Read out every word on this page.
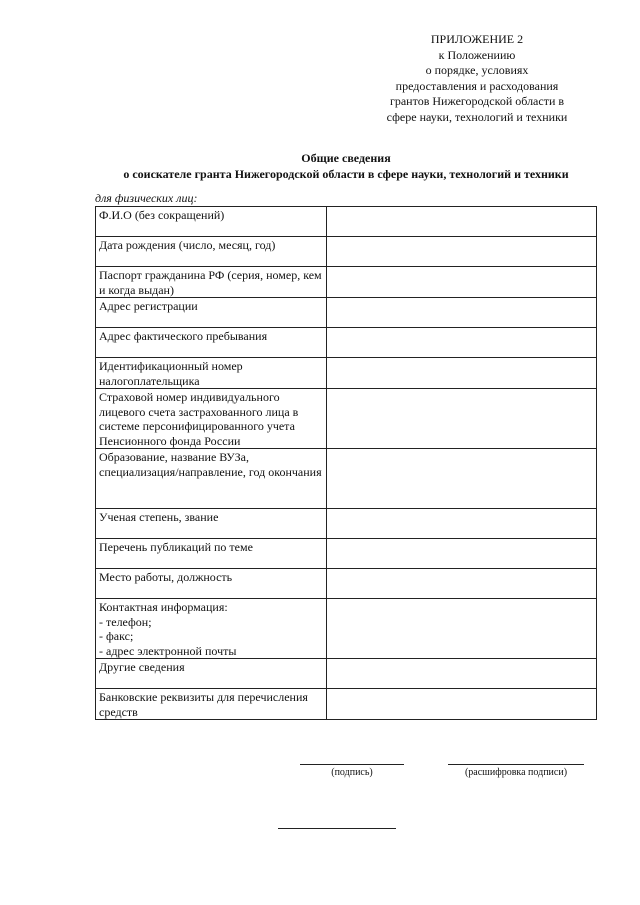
ПРИЛОЖЕНИЕ 2
к Положениию
о порядке, условиях
предоставления и расходования
грантов Нижегородской области в
сфере науки, технологий и техники
Общие сведения
о соискателе гранта Нижегородской области в сфере науки, технологий и техники
для физических лиц:
Ф.И.О (без сокращений)	
Дата рождения (число, месяц, год)	
Паспорт гражданина РФ (серия, номер, кем и когда выдан)	
Адрес регистрации	
Адрес фактического пребывания	
Идентификационный номер налогоплательщика	
Страховой номер индивидуального лицевого счета застрахованного лица в системе персонифицированного учета Пенсионного фонда России	
Образование, название ВУЗа, специализация/направление, год окончания	
Ученая степень, звание	
Перечень публикаций по теме	
Место работы, должность	
Контактная информация:
- телефон;
- факс;
- адрес электронной почты	
Другие сведения	
Банковские реквизиты для перечисления средств	
(подпись)	(расшифровка подписи)
